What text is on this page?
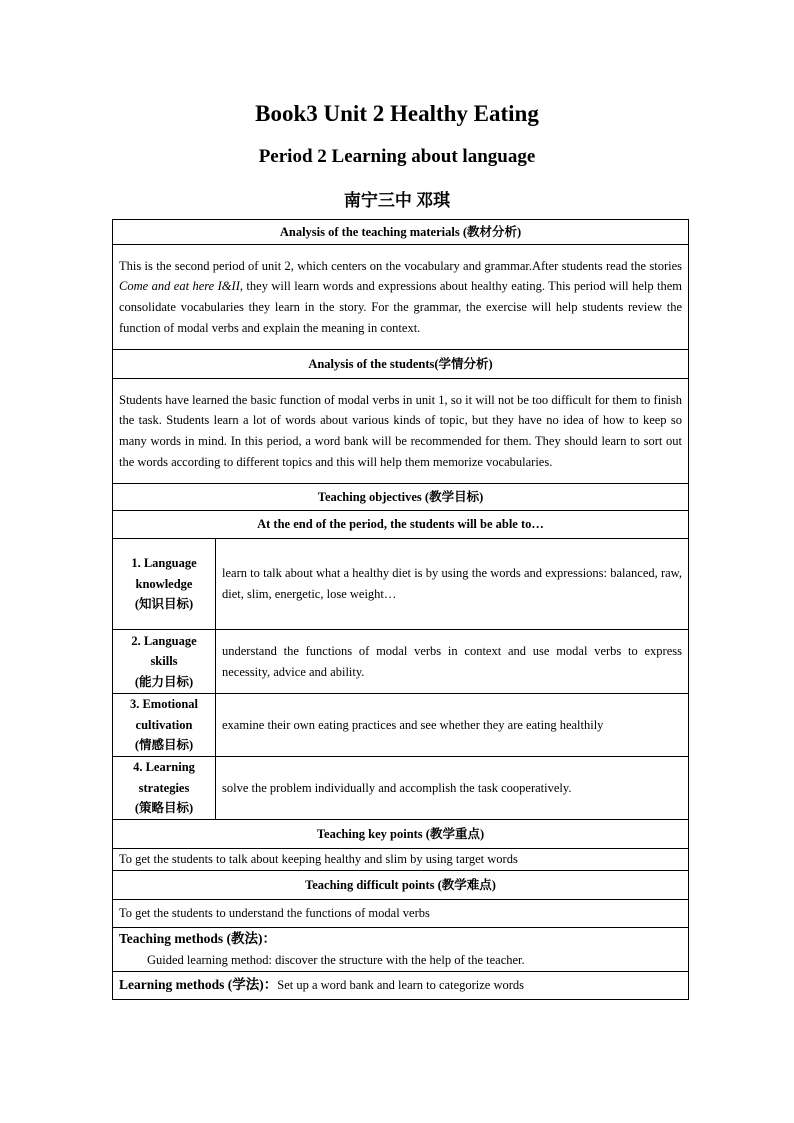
Book3 Unit 2 Healthy Eating
Period 2 Learning about language
南宁三中 邓琪
Analysis of the teaching materials (教材分析)	
This is the second period of unit 2, which centers on the vocabulary and grammar.After students read the stories Come and eat here I&II, they will learn words and expressions about healthy eating. This period will help them consolidate vocabularies they learn in the story. For the grammar, the exercise will help students review the function of modal verbs and explain the meaning in context.	
Analysis of the students(学情分析)	
Students have learned the basic function of modal verbs in unit 1, so it will not be too difficult for them to finish the task. Students learn a lot of words about various kinds of topic, but they have no idea of how to keep so many words in mind. In this period, a word bank will be recommended for them. They should learn to sort out the words according to different topics and this will help them memorize vocabularies.	
Teaching objectives (教学目标)	
At the end of the period, the students will be able to…	
1. Language
knowledge
(知识目标)	learn to talk about what a healthy diet is by using the words and expressions: balanced, raw, diet, slim, energetic, lose weight…
2. Language
skills
(能力目标)	understand the functions of modal verbs in context and use modal verbs to express necessity, advice and ability.
3. Emotional
cultivation
(情感目标)	examine their own eating practices and see whether they are eating healthily
4. Learning
strategies
(策略目标)	solve the problem individually and accomplish the task cooperatively.
Teaching key points (教学重点)	
To get the students to talk about keeping healthy and slim by using target words	
Teaching difficult points (教学难点)	
To get the students to understand the functions of modal verbs	
Teaching methods (教法)：
Guided learning method: discover the structure with the help of the teacher.	

Learning methods (学法)：Set up a word bank and learn to categorize words	
